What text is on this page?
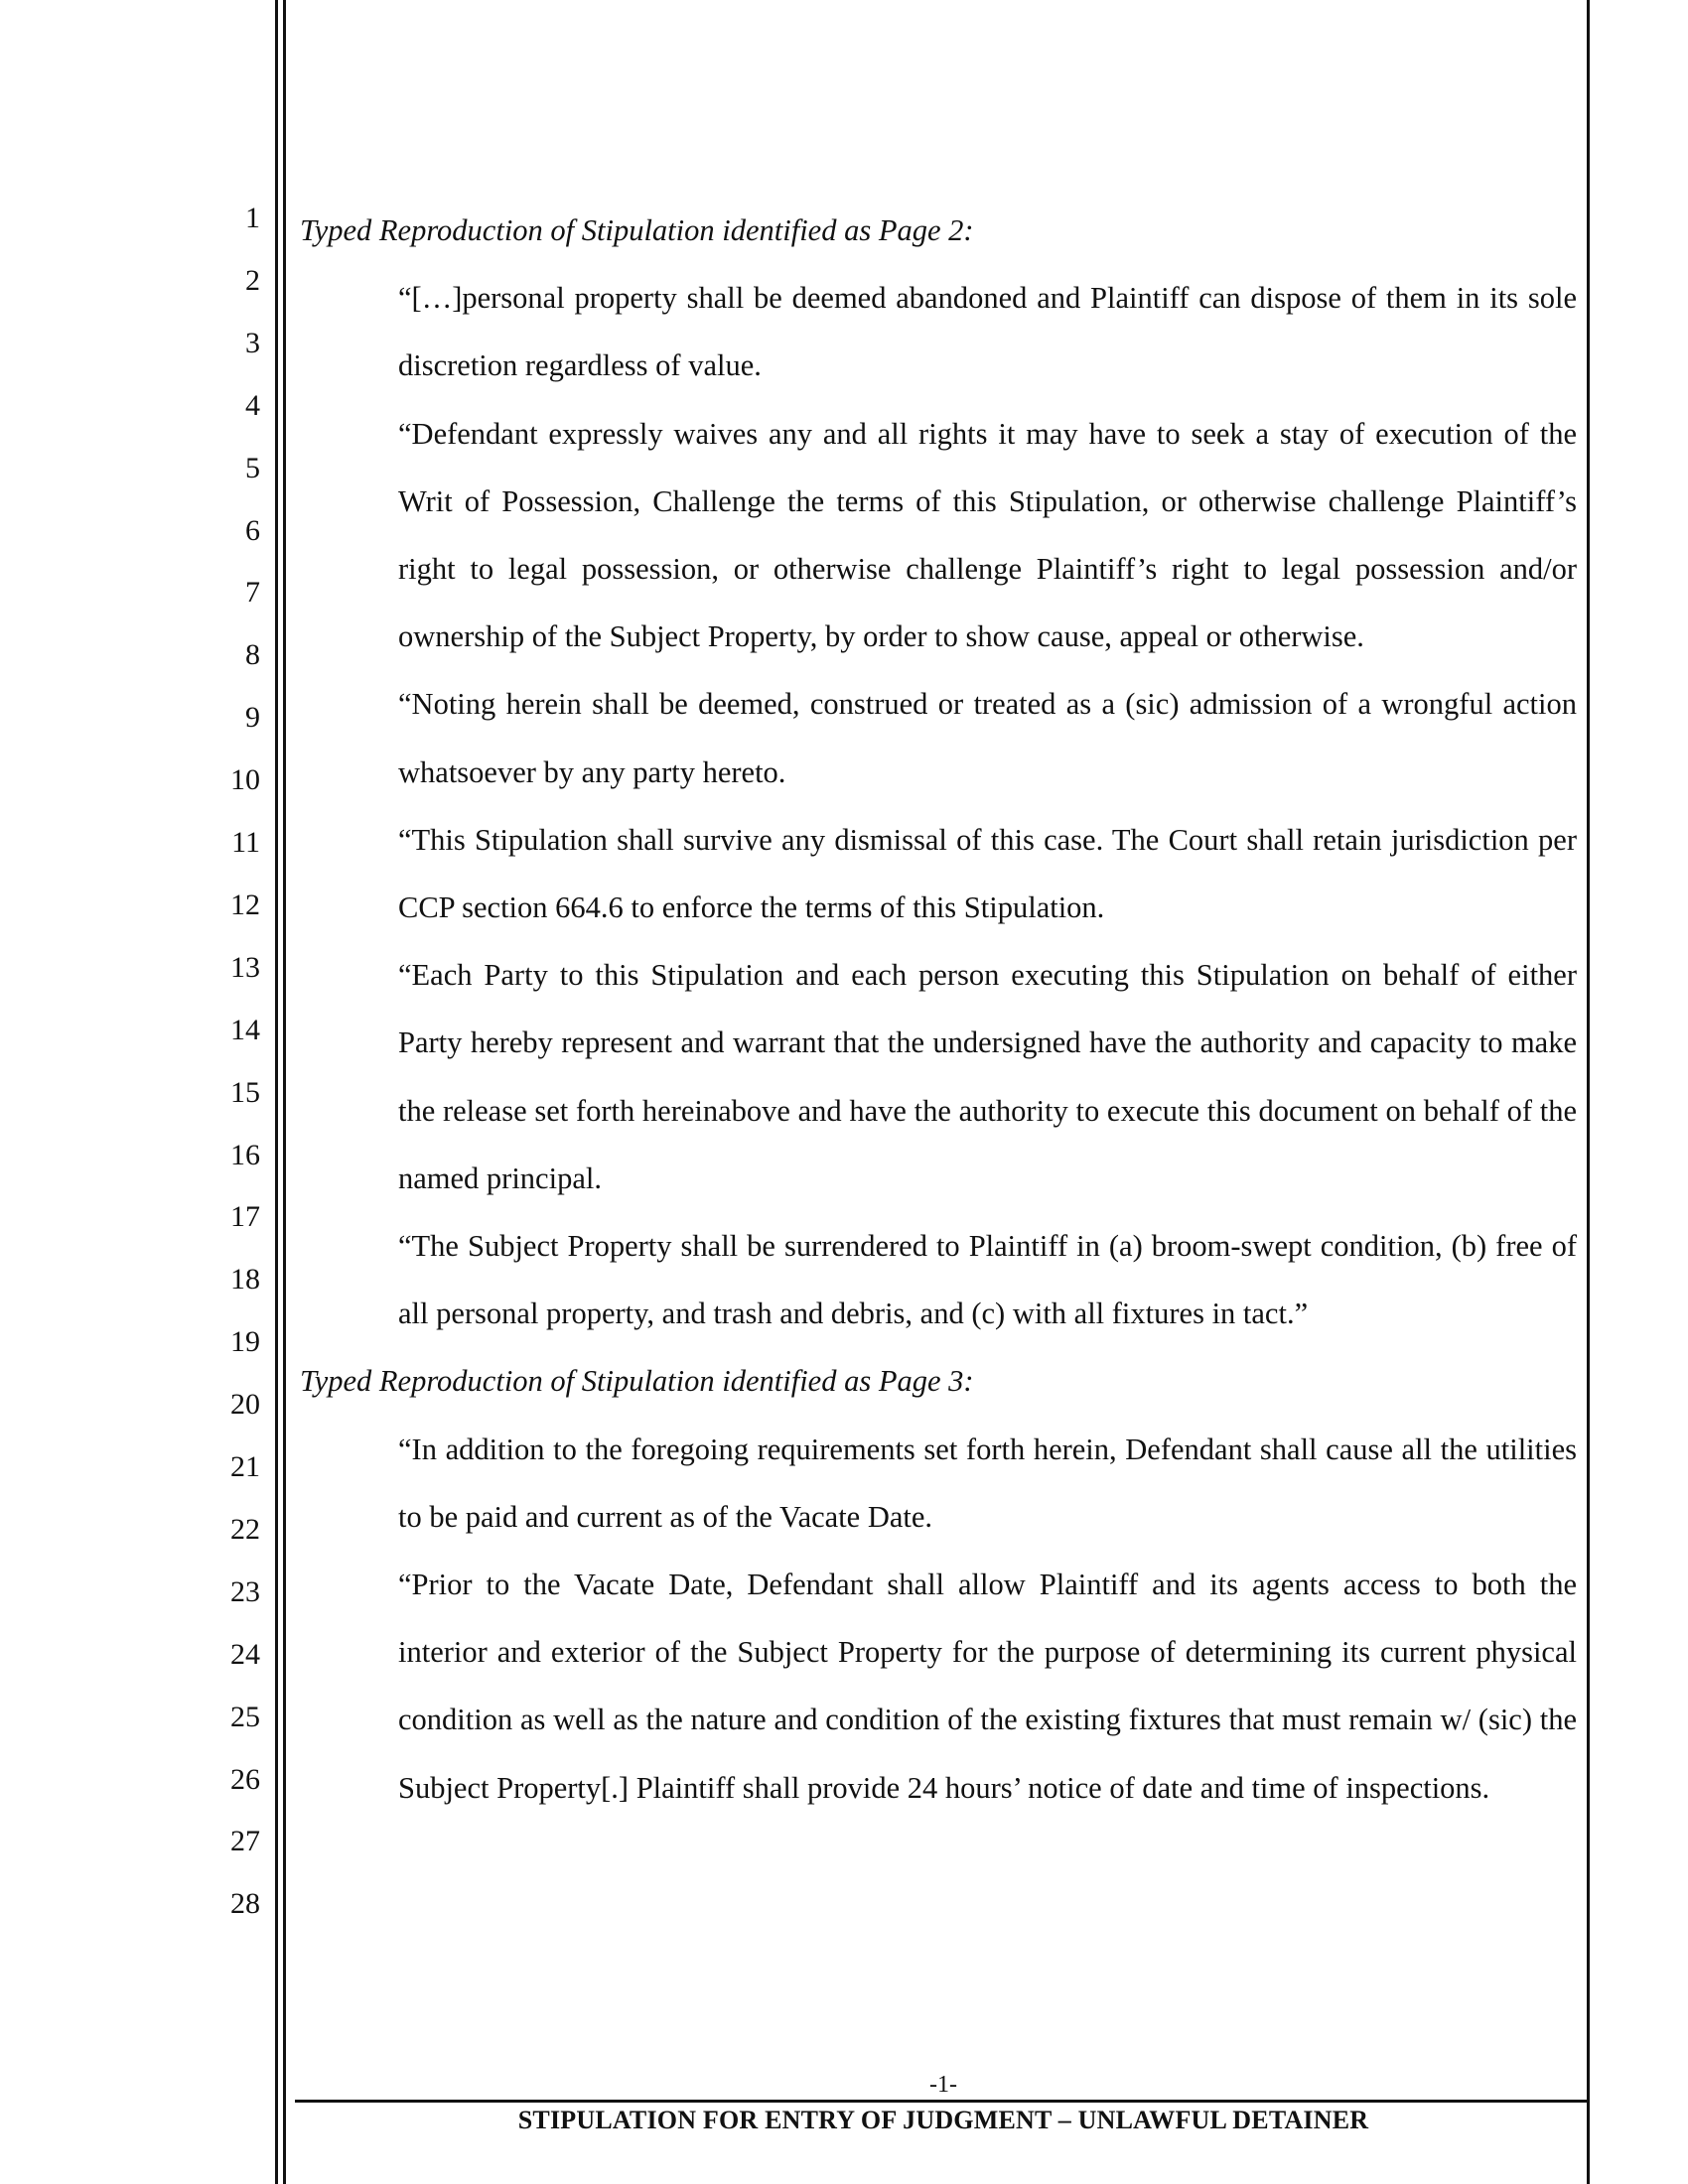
1
2
3
4
5
6
7
8
9
10
11
12
13
14
15
16
17
18
19
20
21
22
23
24
25
26
27
28

Typed Reproduction of Stipulation identified as Page 2:

“[…]personal property shall be deemed abandoned and Plaintiff can dispose of them in its sole discretion regardless of value.

“Defendant expressly waives any and all rights it may have to seek a stay of execution of the Writ of Possession, Challenge the terms of this Stipulation, or otherwise challenge Plaintiff’s right to legal possession, or otherwise challenge Plaintiff’s right to legal possession and/or ownership of the Subject Property, by order to show cause, appeal or otherwise.

“Noting herein shall be deemed, construed or treated as a (sic) admission of a wrongful action whatsoever by any party hereto.

“This Stipulation shall survive any dismissal of this case. The Court shall retain jurisdiction per CCP section 664.6 to enforce the terms of this Stipulation.

“Each Party to this Stipulation and each person executing this Stipulation on behalf of either Party hereby represent and warrant that the undersigned have the authority and capacity to make the release set forth hereinabove and have the authority to execute this document on behalf of the named principal.

“The Subject Property shall be surrendered to Plaintiff in (a) broom-swept condition, (b) free of all personal property, and trash and debris, and (c) with all fixtures in tact.”

Typed Reproduction of Stipulation identified as Page 3:

“In addition to the foregoing requirements set forth herein, Defendant shall cause all the utilities to be paid and current as of the Vacate Date.

“Prior to the Vacate Date, Defendant shall allow Plaintiff and its agents access to both the interior and exterior of the Subject Property for the purpose of determining its current physical condition as well as the nature and condition of the existing fixtures that must remain w/ (sic) the Subject Property[.] Plaintiff shall provide 24 hours’ notice of date and time of inspections.

-1-
STIPULATION FOR ENTRY OF JUDGMENT – UNLAWFUL DETAINER
